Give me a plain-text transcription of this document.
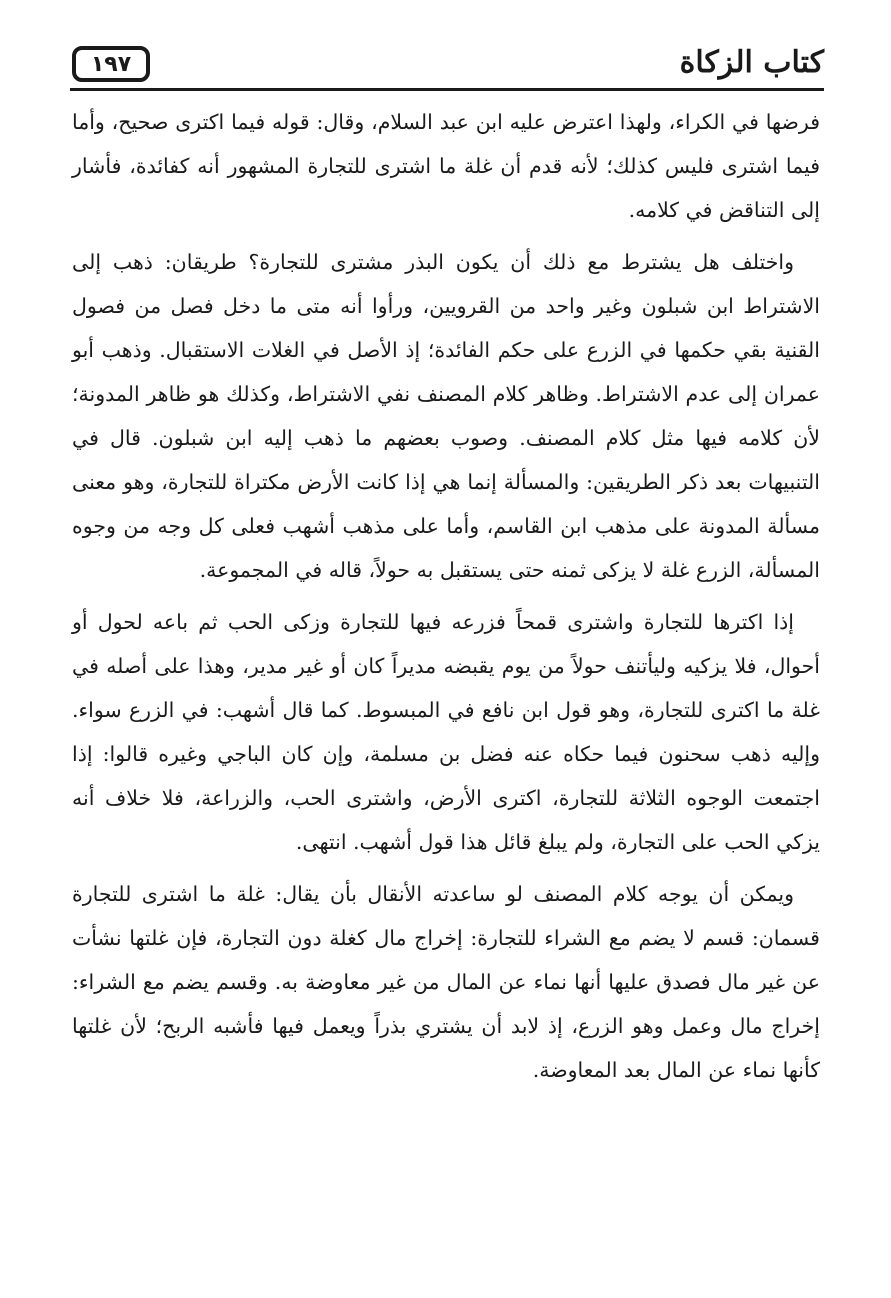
١٩٧	كتاب الزكاة

فرضها في الكراء، ولهذا اعترض عليه ابن عبد السلام، وقال: قوله فيما اكترى صحيح، وأما فيما اشترى فليس كذلك؛ لأنه قدم أن غلة ما اشترى للتجارة المشهور أنه كفائدة، فأشار إلى التناقض في كلامه.

واختلف هل يشترط مع ذلك أن يكون البذر مشترى للتجارة؟ طريقان: ذهب إلى الاشتراط ابن شبلون وغير واحد من القرويين، ورأوا أنه متى ما دخل فصل من فصول القنية بقي حكمها في الزرع على حكم الفائدة؛ إذ الأصل في الغلات الاستقبال. وذهب أبو عمران إلى عدم الاشتراط. وظاهر كلام المصنف نفي الاشتراط، وكذلك هو ظاهر المدونة؛ لأن كلامه فيها مثل كلام المصنف. وصوب بعضهم ما ذهب إليه ابن شبلون. قال في التنبيهات بعد ذكر الطريقين: والمسألة إنما هي إذا كانت الأرض مكتراة للتجارة، وهو معنى مسألة المدونة على مذهب ابن القاسم، وأما على مذهب أشهب فعلى كل وجه من وجوه المسألة، الزرع غلة لا يزكى ثمنه حتى يستقبل به حولاً، قاله في المجموعة.

إذا اكترها للتجارة واشترى قمحاً فزرعه فيها للتجارة وزكى الحب ثم باعه لحول أو أحوال، فلا يزكيه وليأتنف حولاً من يوم يقبضه مديراً كان أو غير مدير، وهذا على أصله في غلة ما اكترى للتجارة، وهو قول ابن نافع في المبسوط. كما قال أشهب: في الزرع سواء. وإليه ذهب سحنون فيما حكاه عنه فضل بن مسلمة، وإن كان الباجي وغيره قالوا: إذا اجتمعت الوجوه الثلاثة للتجارة، اكترى الأرض، واشترى الحب، والزراعة، فلا خلاف أنه يزكي الحب على التجارة، ولم يبلغ قائل هذا قول أشهب. انتهى.

ويمكن أن يوجه كلام المصنف لو ساعدته الأنقال بأن يقال: غلة ما اشترى للتجارة قسمان: قسم لا يضم مع الشراء للتجارة: إخراج مال كغلة دون التجارة، فإن غلتها نشأت عن غير مال فصدق عليها أنها نماء عن المال من غير معاوضة به. وقسم يضم مع الشراء: إخراج مال وعمل وهو الزرع، إذ لابد أن يشتري بذراً ويعمل فيها فأشبه الربح؛ لأن غلتها كأنها نماء عن المال بعد المعاوضة.
